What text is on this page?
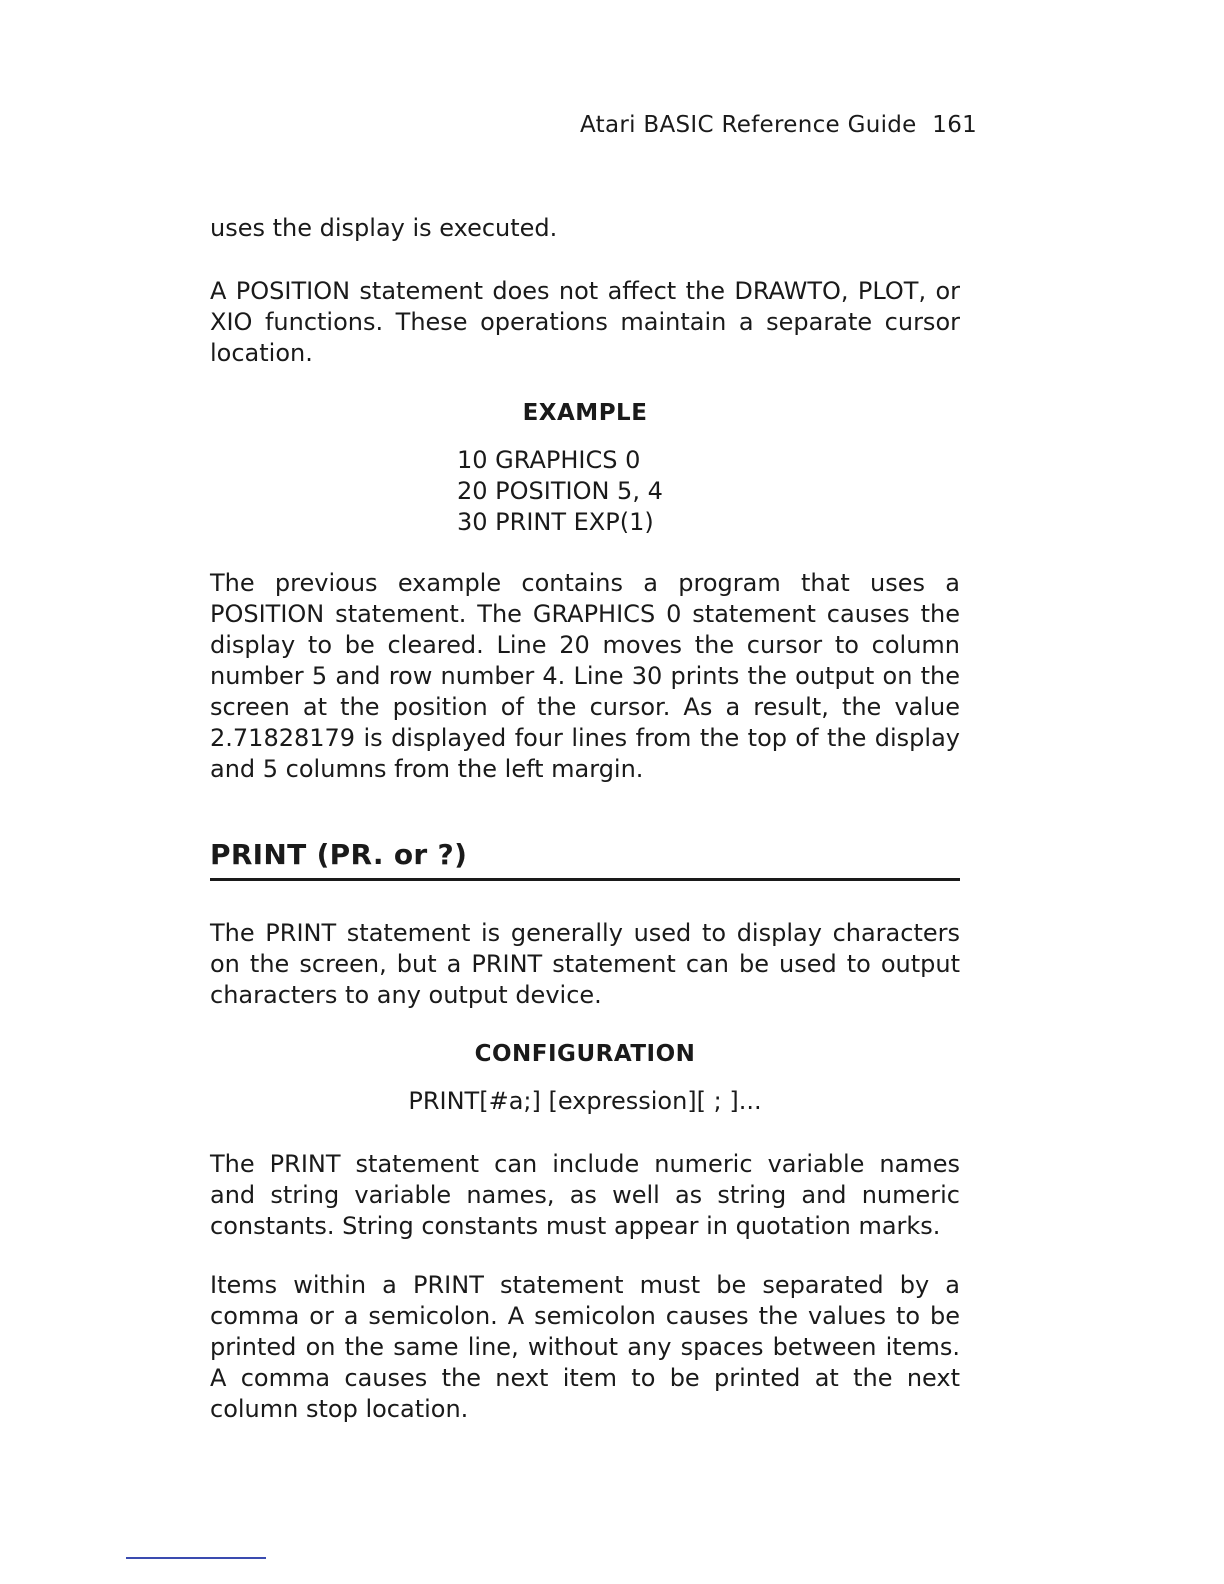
Atari BASIC Reference Guide 161

uses the display is executed.

A POSITION statement does not affect the DRAWTO, PLOT, or XIO functions. These operations maintain a separate cursor location.

EXAMPLE
10 GRAPHICS 0
20 POSITION 5, 4
30 PRINT EXP(1)

The previous example contains a program that uses a POSITION statement. The GRAPHICS 0 statement causes the display to be cleared. Line 20 moves the cursor to column number 5 and row number 4. Line 30 prints the output on the screen at the position of the cursor. As a result, the value 2.71828179 is displayed four lines from the top of the display and 5 columns from the left margin.

PRINT (PR. or ?)

The PRINT statement is generally used to display characters on the screen, but a PRINT statement can be used to output characters to any output device.

CONFIGURATION
PRINT[#a;] [expression][ ; ]...

The PRINT statement can include numeric variable names and string variable names, as well as string and numeric constants. String constants must appear in quotation marks.

Items within a PRINT statement must be separated by a comma or a semicolon. A semicolon causes the values to be printed on the same line, without any spaces between items. A comma causes the next item to be printed at the next column stop location.
